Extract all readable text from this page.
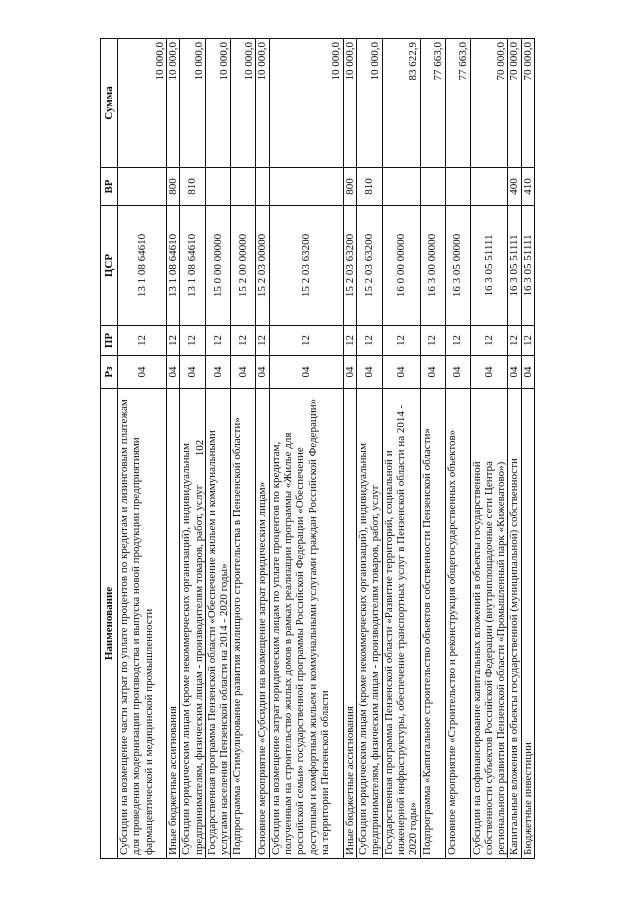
102
Наименование	Рз	ПР	ЦСР	ВР	Сумма
Субсидии на возмещение части затрат по уплате процентов по кредитам и лизинговым платежам для проведения модернизации производства и выпуска новой продукции предприятиями фармацевтической и медицинской промышленности	04	12	13 1 08 64610		10 000,0
Иные бюджетные ассигнования	04	12	13 1 08 64610	800	10 000,0
Субсидии юридическим лицам (кроме некоммерческих организаций), индивидуальным предпринимателям, физическим лицам - производителям товаров, работ, услуг	04	12	13 1 08 64610	810	10 000,0
Государственная программа Пензенской области «Обеспечение жильем и коммунальными услугами населения Пензенской области на 2014 - 2020 годы»	04	12	15 0 00 00000		10 000,0
Подпрограмма «Стимулирование развития жилищного строительства в Пензенской области»	04	12	15 2 00 00000		10 000,0
Основное мероприятие «Субсидии на возмещение затрат юридическим лицам»	04	12	15 2 03 00000		10 000,0
Субсидии на возмещение затрат юридическим лицам по уплате процентов по кредитам, полученным на строительство жилых домов в рамках реализации программы «Жилье для российской семьи» государственной программы Российской Федерации «Обеспечение доступным и комфортным жильем и коммунальными услугами граждан Российской Федерации» на территории Пензенской области	04	12	15 2 03 63200		10 000,0
Иные бюджетные ассигнования	04	12	15 2 03 63200	800	10 000,0
Субсидии юридическим лицам (кроме некоммерческих организаций), индивидуальным предпринимателям, физическим лицам - производителям товаров, работ, услуг	04	12	15 2 03 63200	810	10 000,0
Государственная программа Пензенской области «Развитие территорий, социальной и инженерной инфраструктуры, обеспечение транспортных услуг в Пензенской области на 2014 - 2020 годы»	04	12	16 0 00 00000		83 622,9
Подпрограмма «Капитальное строительство объектов собственности Пензенской области»	04	12	16 3 00 00000		77 663,0
Основное мероприятие «Строительство и реконструкция общегосударственных объектов»	04	12	16 3 05 00000		77 663,0
Субсидии на софинансирование капитальных вложений в объекты государственной собственности субъектов Российской Федерации (внутриплощадочные сети Центра регионального развития Пензенской области «Промышленный парк «Кижеватово»)	04	12	16 3 05 51111		70 000,0
Капитальные вложения в объекты государственной (муниципальной) собственности	04	12	16 3 05 51111	400	70 000,0
Бюджетные инвестиции	04	12	16 3 05 51111	410	70 000,0
